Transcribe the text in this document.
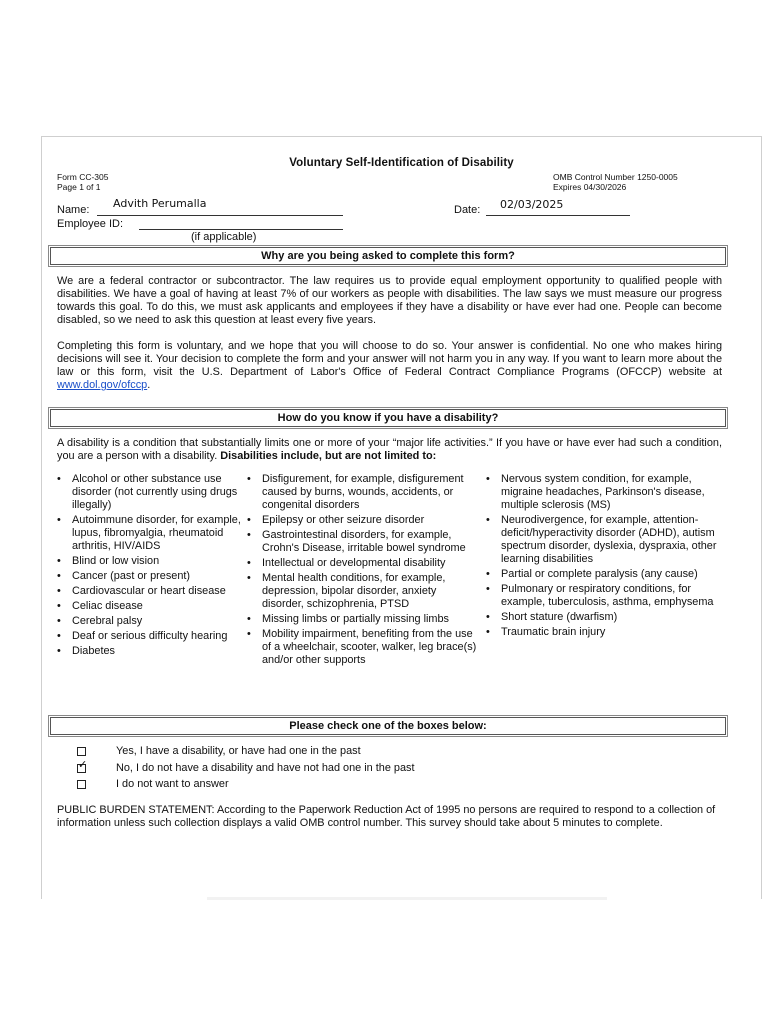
Voluntary Self-Identification of Disability
Form CC-305
Page 1 of 1
OMB Control Number 1250-0005
Expires 04/30/2026
Name: Advith Perumalla	Date: 02/03/2025
Employee ID:
(if applicable)
Why are you being asked to complete this form?

We are a federal contractor or subcontractor. The law requires us to provide equal employment opportunity to qualified people with disabilities. We have a goal of having at least 7% of our workers as people with disabilities. The law says we must measure our progress towards this goal. To do this, we must ask applicants and employees if they have a disability or have ever had one. People can become disabled, so we need to ask this question at least every five years.

Completing this form is voluntary, and we hope that you will choose to do so. Your answer is confidential. No one who makes hiring decisions will see it. Your decision to complete the form and your answer will not harm you in any way. If you want to learn more about the law or this form, visit the U.S. Department of Labor's Office of Federal Contract Compliance Programs (OFCCP) website at www.dol.gov/ofccp.

How do you know if you have a disability?
A disability is a condition that substantially limits one or more of your “major life activities.” If you have or have ever had such a condition, you are a person with a disability. Disabilities include, but are not limited to:
• Alcohol or other substance use disorder (not currently using drugs illegally)
• Autoimmune disorder, for example, lupus, fibromyalgia, rheumatoid arthritis, HIV/AIDS
• Blind or low vision
• Cancer (past or present)
• Cardiovascular or heart disease
• Celiac disease
• Cerebral palsy
• Deaf or serious difficulty hearing
• Diabetes
• Disfigurement, for example, disfigurement caused by burns, wounds, accidents, or congenital disorders
• Epilepsy or other seizure disorder
• Gastrointestinal disorders, for example, Crohn's Disease, irritable bowel syndrome
• Intellectual or developmental disability
• Mental health conditions, for example, depression, bipolar disorder, anxiety disorder, schizophrenia, PTSD
• Missing limbs or partially missing limbs
• Mobility impairment, benefiting from the use of a wheelchair, scooter, walker, leg brace(s) and/or other supports
• Nervous system condition, for example, migraine headaches, Parkinson's disease, multiple sclerosis (MS)
• Neurodivergence, for example, attention-deficit/hyperactivity disorder (ADHD), autism spectrum disorder, dyslexia, dyspraxia, other learning disabilities
• Partial or complete paralysis (any cause)
• Pulmonary or respiratory conditions, for example, tuberculosis, asthma, emphysema
• Short stature (dwarfism)
• Traumatic brain injury
Please check one of the boxes below:
Yes, I have a disability, or have had one in the past
✓	No, I do not have a disability and have not had one in the past
I do not want to answer
PUBLIC BURDEN STATEMENT: According to the Paperwork Reduction Act of 1995 no persons are required to respond to a collection of information unless such collection displays a valid OMB control number. This survey should take about 5 minutes to complete.
